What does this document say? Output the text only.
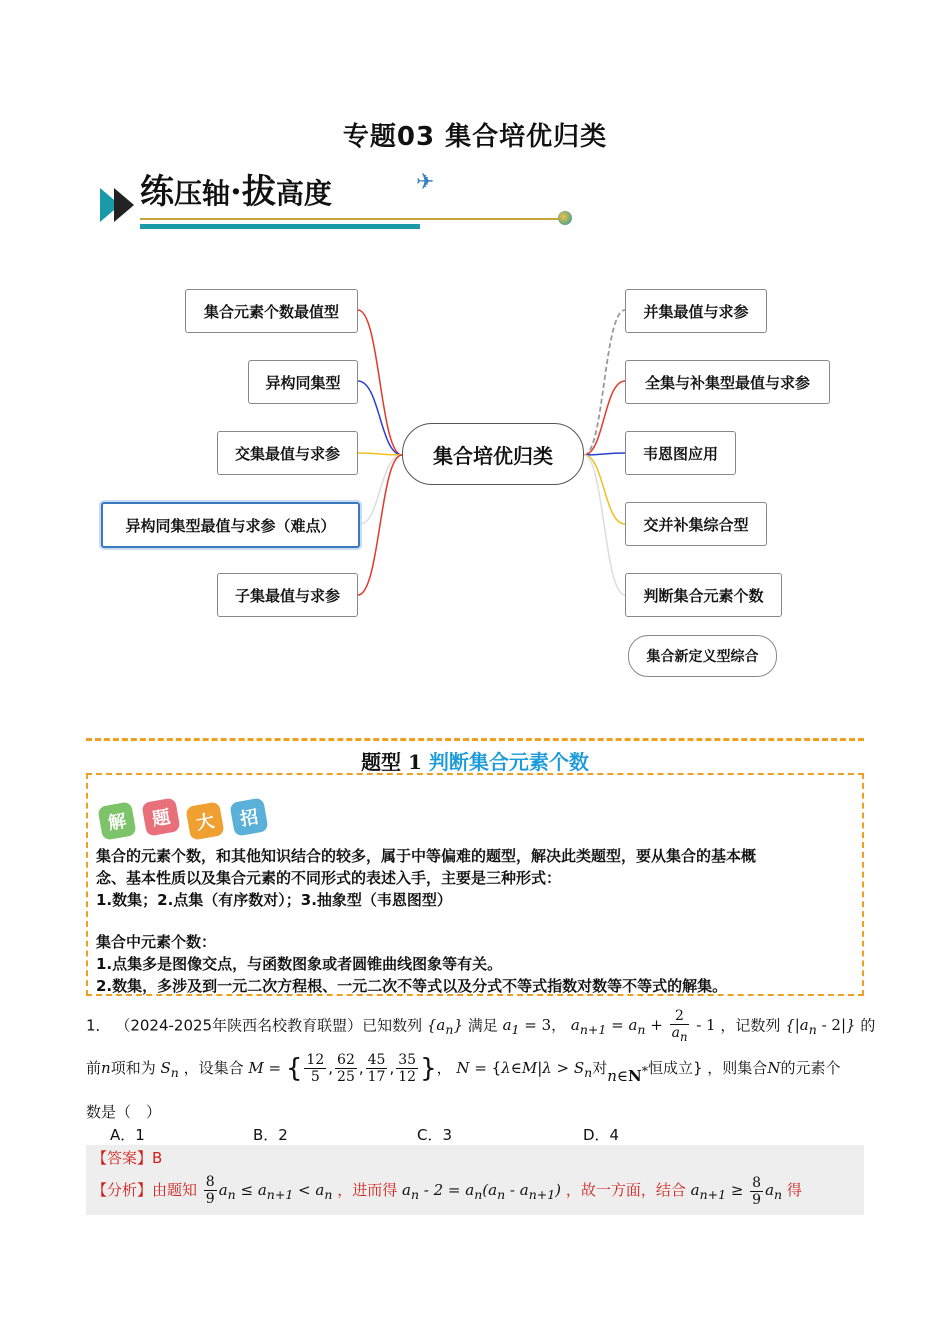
专题03 集合培优归类
练压轴·拔高度	✈
集合元素个数最值型
异构同集型
交集最值与求参
异构同集型最值与求参（难点）
子集最值与求参
集合培优归类
并集最值与求参
全集与补集型最值与求参
韦恩图应用
交并补集综合型
判断集合元素个数
集合新定义型综合
题型 1 判断集合元素个数
解	题	大	招
集合的元素个数，和其他知识结合的较多，属于中等偏难的题型，解决此类题型，要从集合的基本概
念、基本性质以及集合元素的不同形式的表述入手，主要是三种形式：
1.数集；2.点集（有序数对）；3.抽象型（韦恩图型）
集合中元素个数：
1.点集多是图像交点，与函数图象或者圆锥曲线图象等有关。
2.数集，多涉及到一元二次方程根、一元二次不等式以及分式不等式指数对数等不等式的解集。
1． （2024-2025年陕西名校教育联盟）已知数列 $\{a_n\}$ 满足 $a_1 = 3$， $a_{n+1} = a_n + \frac{2}{a_n} - 1$ ，记数列 $\{|a_n - 2|\}$ 的
前n项和为 $S_n$ ，设集合 M = { $\frac{12}{5}$ , $\frac{62}{25}$ , $\frac{45}{17}$ , $\frac{35}{12}$ }， N = {λ∈M|λ > $S_n$对n∈N*恒成立} ，则集合N的元素个
数是（　）
A．1	B．2	C．3	D．4
【答案】B
【分析】由题知 $\frac{8}{9} a_n \le a_{n+1} < a_n$ ，进而得 $a_n - 2 = a_n(a_n - a_{n+1})$ ，故一方面，结合 $a_{n+1} \ge \frac{8}{9} a_n$ 得
